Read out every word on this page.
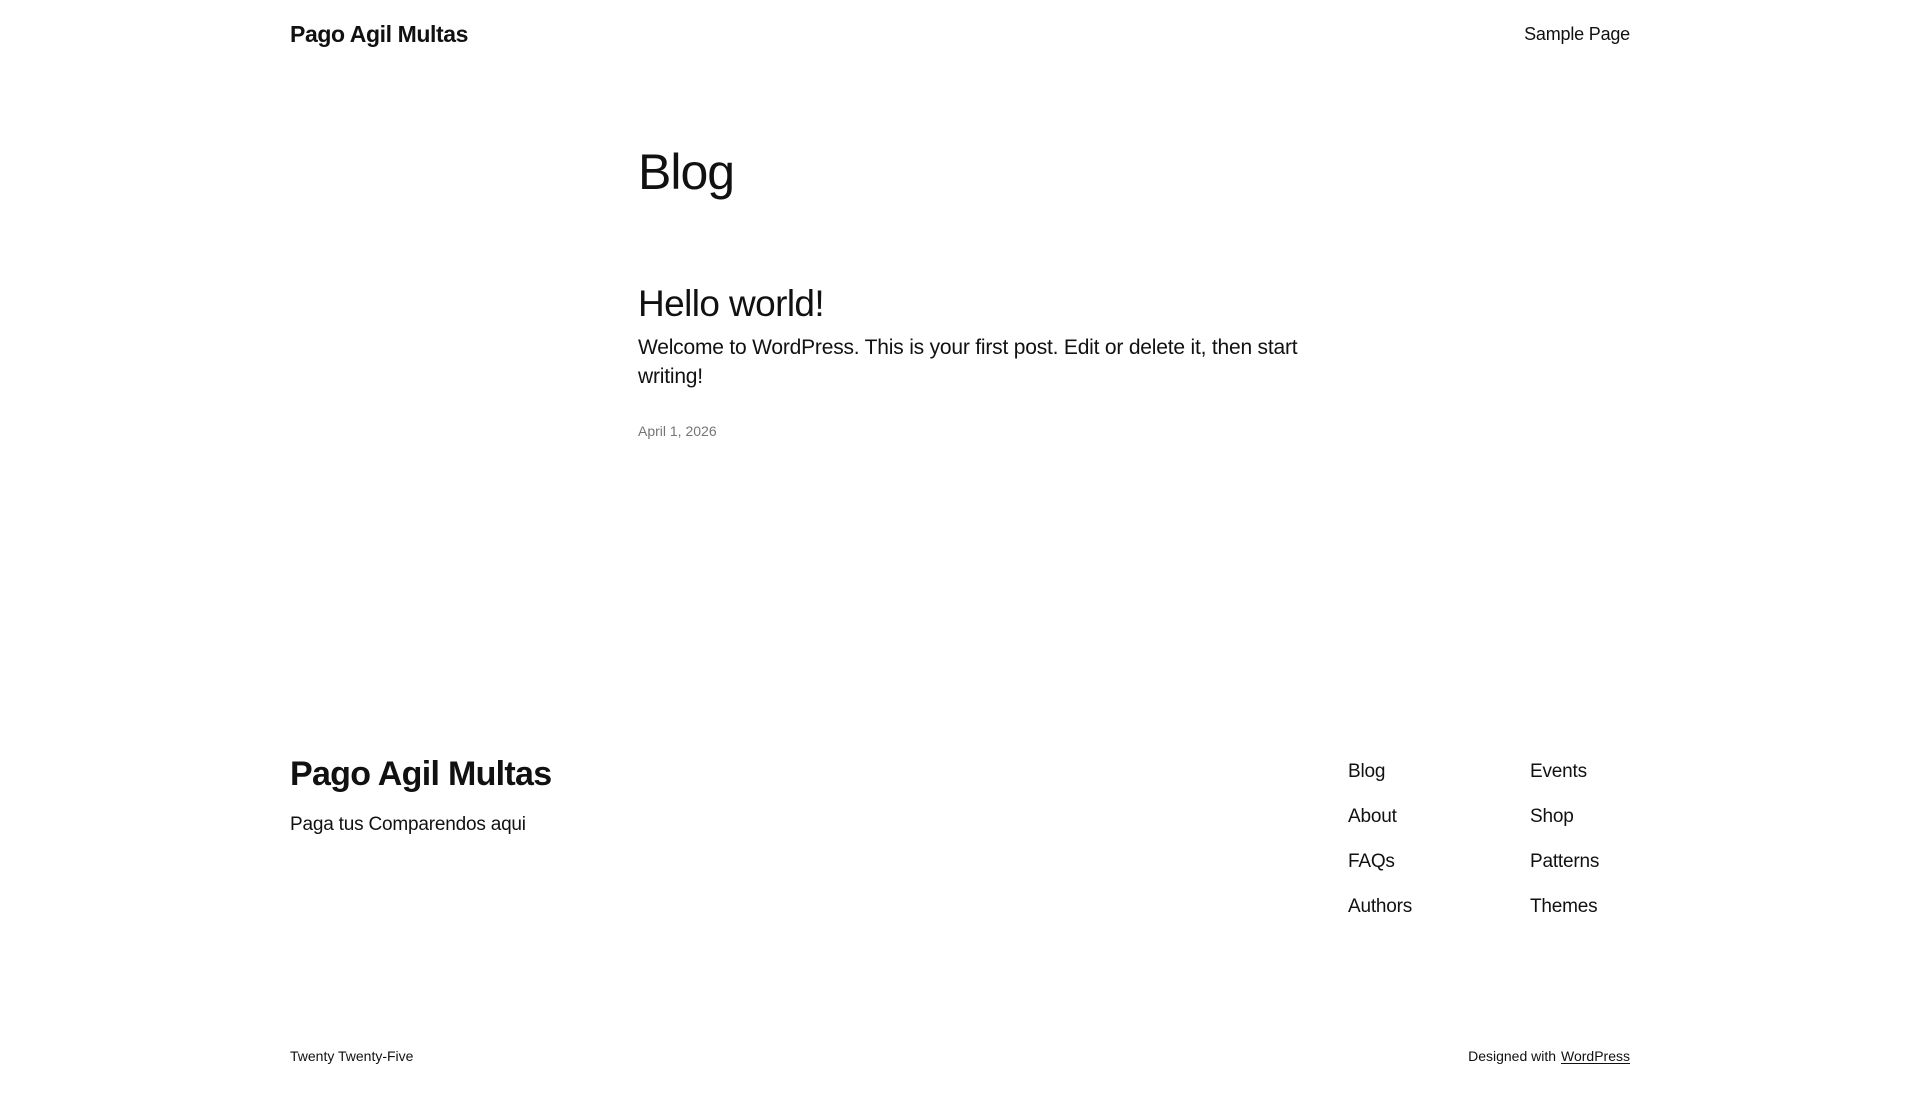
Pago Agil Multas	Sample Page
Blog
Hello world!

Welcome to WordPress. This is your first post. Edit or delete it, then start writing!

April 1, 2026
Pago Agil Multas
Paga tus Comparendos aqui
Blog
About
FAQs
Authors
Events
Shop
Patterns
Themes
Twenty Twenty-Five	Designed with WordPress
